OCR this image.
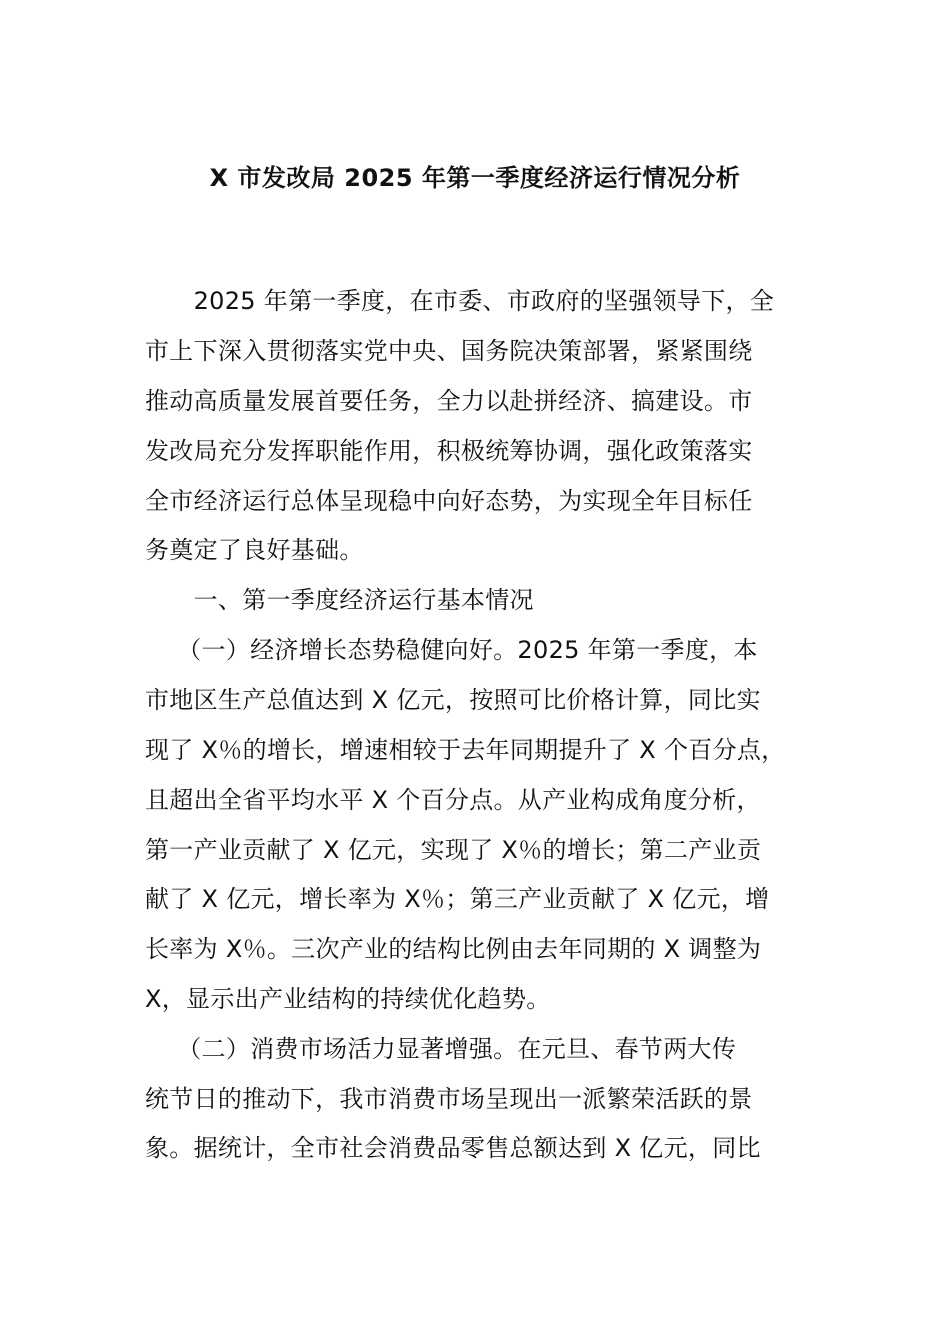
X 市发改局 2025 年第一季度经济运行情况分析
　　2025 年第一季度，在市委、市政府的坚强领导下，全
市上下深入贯彻落实党中央、国务院决策部署，紧紧围绕
推动高质量发展首要任务，全力以赴拼经济、搞建设。市
发改局充分发挥职能作用，积极统筹协调，强化政策落实
全市经济运行总体呈现稳中向好态势，为实现全年目标任
务奠定了良好基础。
　　一、第一季度经济运行基本情况
　 （一）经济增长态势稳健向好。2025 年第一季度，本
市地区生产总值达到 X 亿元，按照可比价格计算，同比实
现了 X％的增长，增速相较于去年同期提升了 X 个百分点，
且超出全省平均水平 X 个百分点。从产业构成角度分析，
第一产业贡献了 X 亿元，实现了 X％的增长；第二产业贡
献了 X 亿元，增长率为 X％；第三产业贡献了 X 亿元，增
长率为 X％。三次产业的结构比例由去年同期的 X 调整为
X，显示出产业结构的持续优化趋势。
　 （二）消费市场活力显著增强。在元旦、春节两大传
统节日的推动下，我市消费市场呈现出一派繁荣活跃的景
象。据统计，全市社会消费品零售总额达到 X 亿元，同比
